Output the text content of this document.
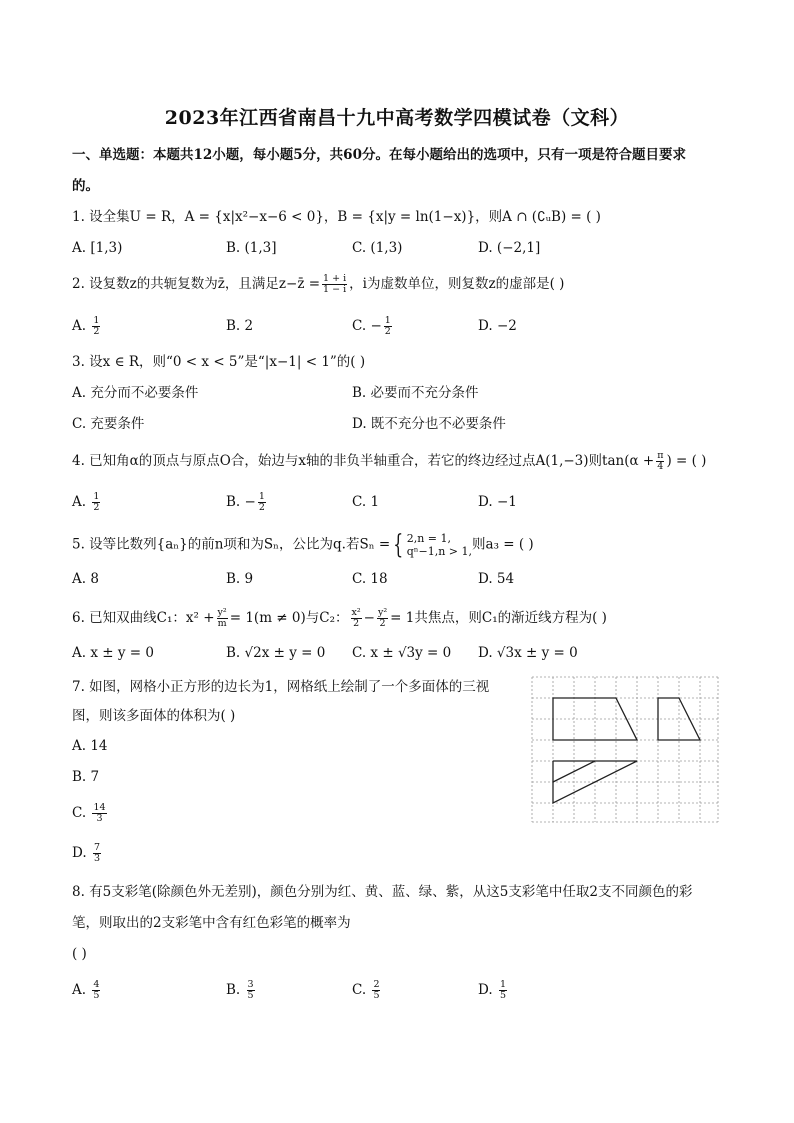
2023年江西省南昌十九中高考数学四模试卷（文科）
一、单选题：本题共12小题，每小题5分，共60分。在每小题给出的选项中，只有一项是符合题目要求
的。
1. 设全集U = R，A = {x|x²−x−6 < 0}，B = {x|y = ln(1−x)}，则A ∩ (∁ᵤB) = ( )
A. [1,3)	B. (1,3]	C. (1,3)	D. (−2,1]
2. 设复数z的共轭复数为z̄，且满足z−z̄ = $\frac{1 + i}{1 - i}$ ，i为虚数单位，则复数z的虚部是( )
A. $\frac{1}{2}$	B. 2	C. − $\frac{1}{2}$	D. −2
3. 设x ∈ R，则“0 < x < 5”是“|x−1| < 1”的( )
A. 充分而不必要条件	B. 必要而不充分条件
C. 充要条件	D. 既不充分也不必要条件
4. 已知角α的顶点与原点O合，始边与x轴的非负半轴重合，若它的终边经过点A(1,−3)则$\tan(\alpha + \frac{\pi}{4}$ ) = ( )
A. $\frac{1}{2}$	B. − $\frac{1}{2}$	C. 1	D. −1
5. 设等比数列{aₙ}的前n项和为Sₙ，公比为q.若Sₙ = { 2,n = 1,
qⁿ−1,n > 1, 则a₃ = ( )
A. 8	B. 9	C. 18	D. 54
6. 已知双曲线C₁：$x^2 + \frac{\text{y²}}{m} = 1(m \ne 0)$与C₂： $\frac{\text{x²}}{2} - \frac{\text{y²}}{2} = 1$共焦点，则C₁的渐近线方程为( )
A. x ± y = 0	B. √2x ± y = 0 C. x ± √3y = 0 D. √3x ± y = 0
7. 如图，网格小正方形的边长为1，网格纸上绘制了一个多面体的三视
图，则该多面体的体积为( )
A. 14
B. 7
C. $\frac{14}{3}$
D. $\frac{7}{3}$
8. 有5支彩笔(除颜色外无差别)，颜色分别为红、黄、蓝、绿、紫，从这5支彩笔中任取2支不同颜色的彩
笔，则取出的2支彩笔中含有红色彩笔的概率为
( )
A. $\frac{4}{5}$	B. $\frac{3}{5}$	C. $\frac{2}{5}$	D. $\frac{1}{5}$
